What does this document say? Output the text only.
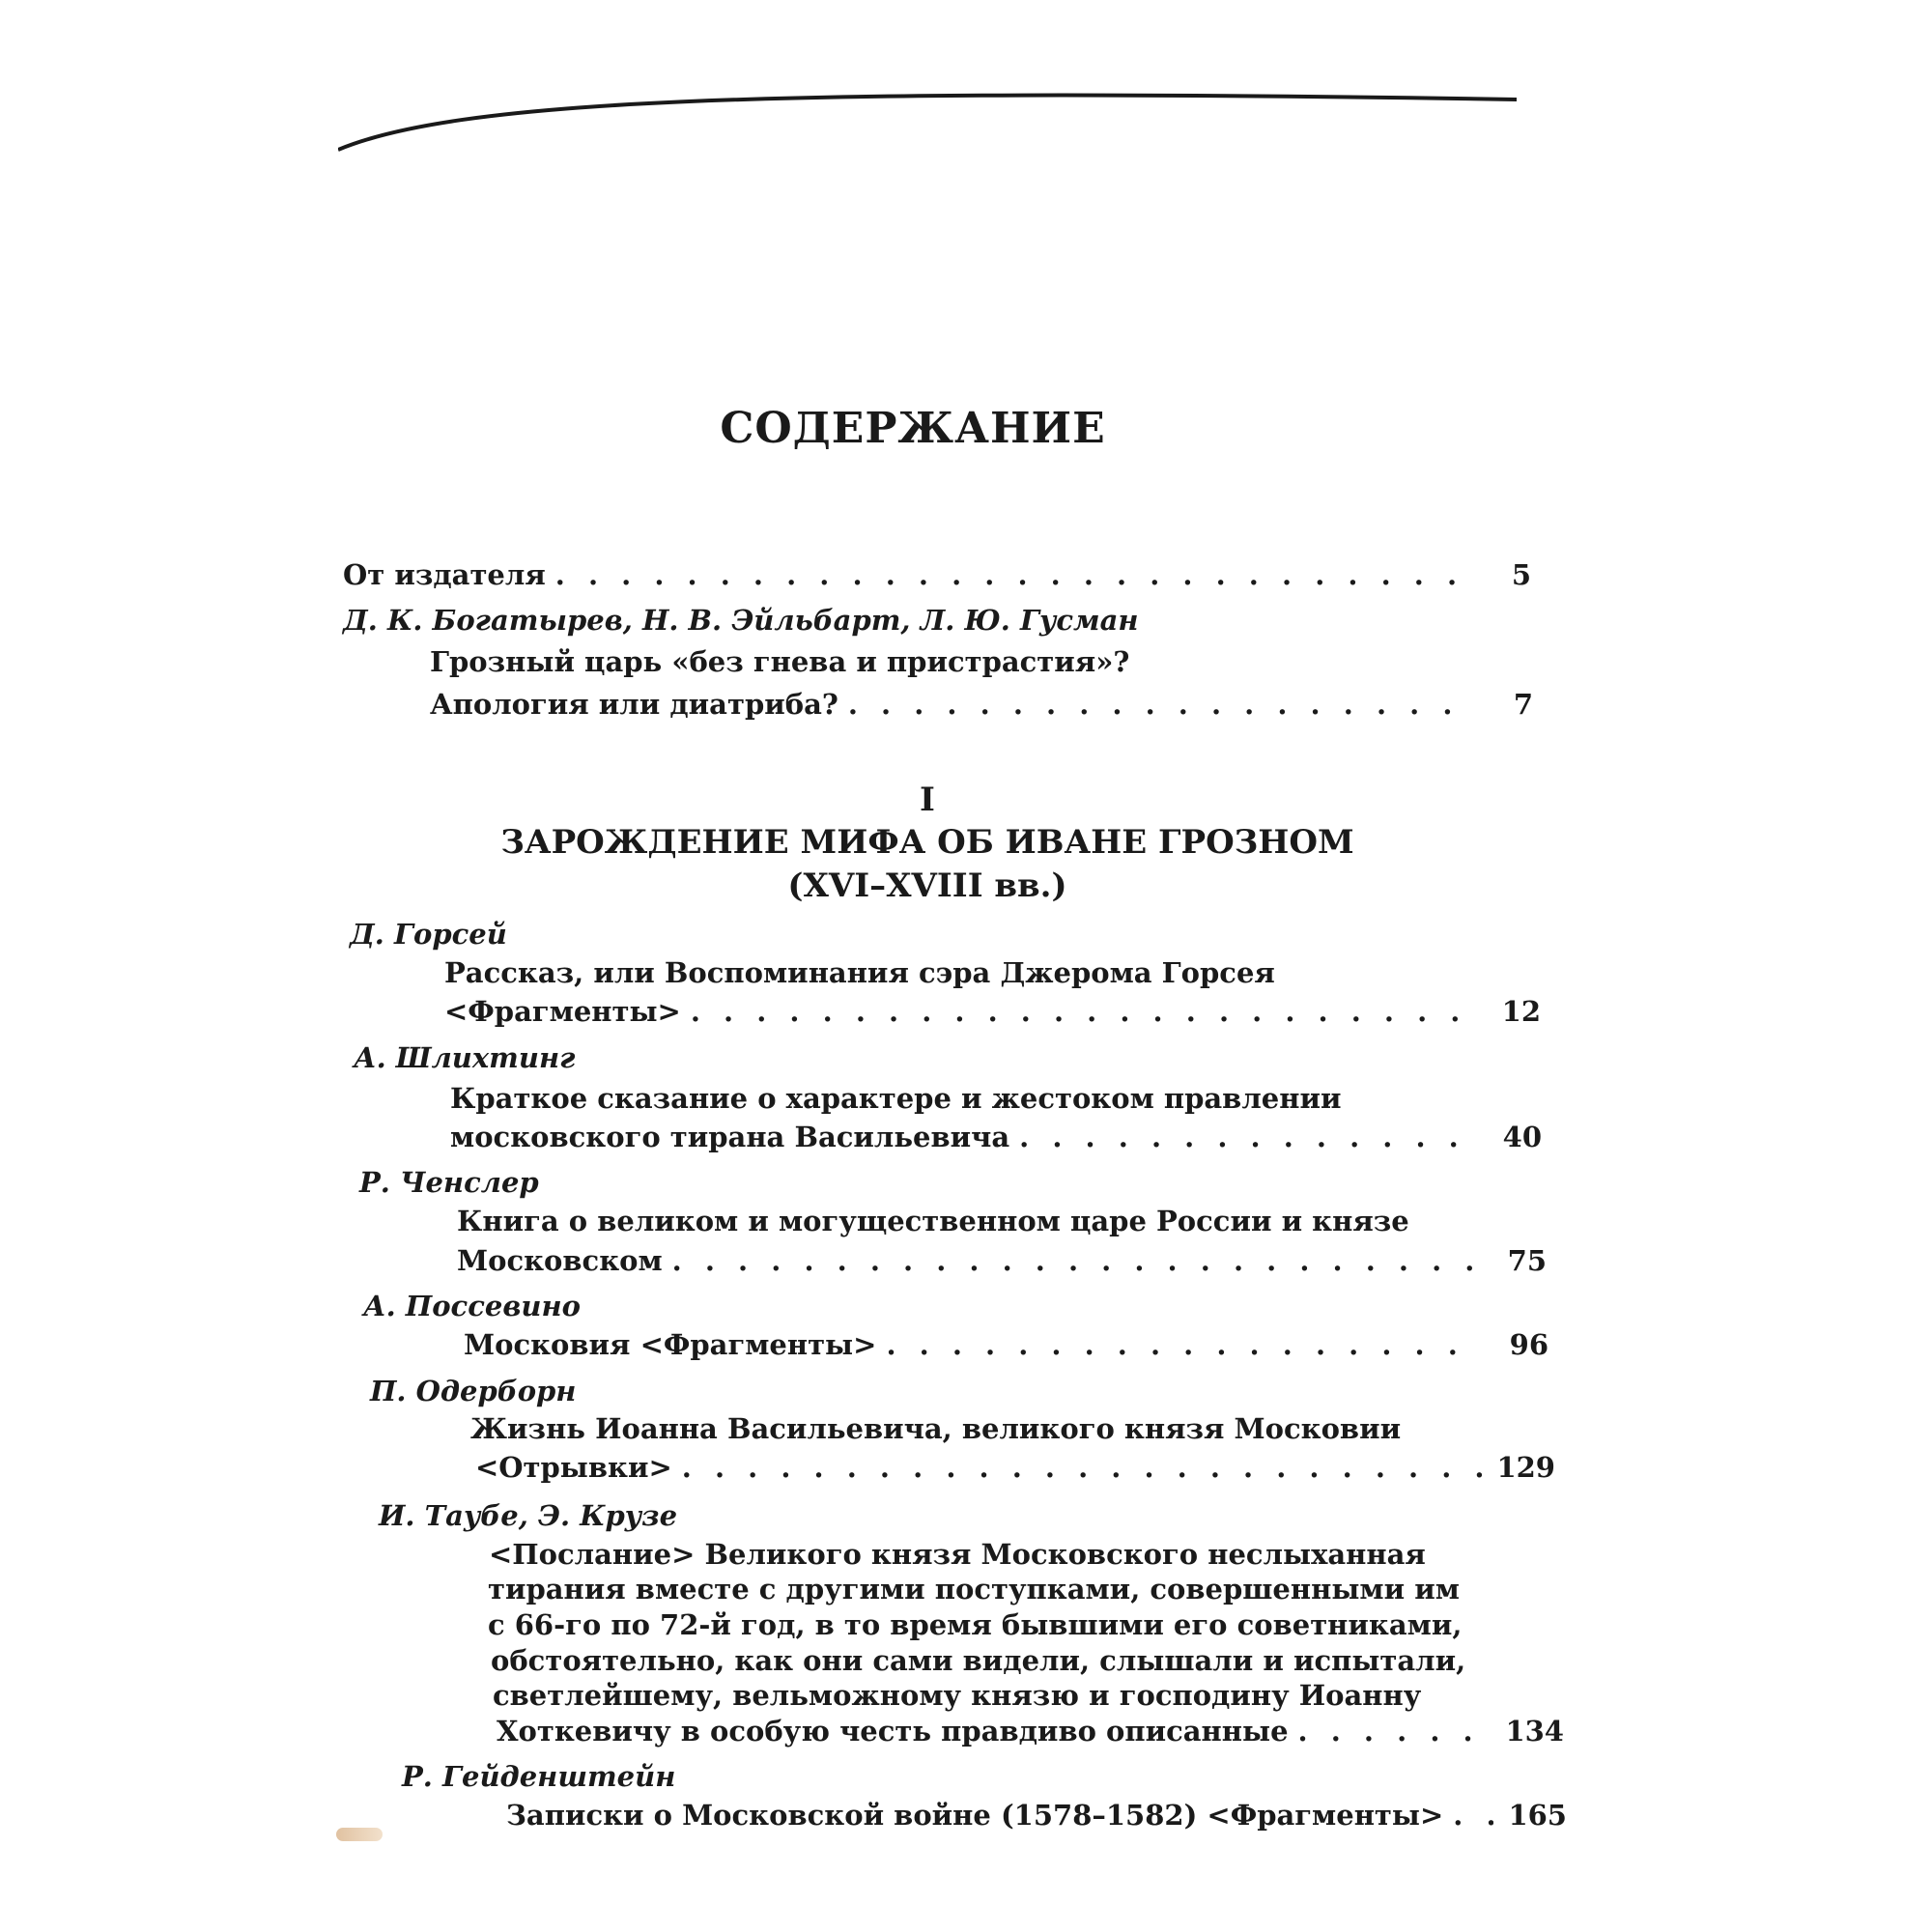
СОДЕРЖАНИЕ
От издателя . . .	5
Д. К. Богатырев, Н. В. Эйльбарт, Л. Ю. Гусман
Грозный царь «без гнева и пристрастия»?
Апология или диатриба? . . .	7
I
ЗАРОЖДЕНИЕ МИФА ОБ ИВАНЕ ГРОЗНОМ
(XVI–XVIII вв.)
Д. Горсей
Рассказ, или Воспоминания сэра Джерома Горсея
<Фрагменты> . . .	12
А. Шлихтинг
Краткое сказание о характере и жестоком правлении
московского тирана Васильевича . . .	40
Р. Ченслер
Книга о великом и могущественном царе России и князе
Московском . . .	75
А. Поссевино
Московия <Фрагменты> . . .	96
П. Одерборн
Жизнь Иоанна Васильевича, великого князя Московии
<Отрывки> . . .	129
И. Таубе, Э. Крузе
<Послание> Великого князя Московского неслыханная
тирания вместе с другими поступками, совершенными им
с 66-го по 72-й год, в то время бывшими его советниками,
обстоятельно, как они сами видели, слышали и испытали,
светлейшему, вельможному князю и господину Иоанну
Хоткевичу в особую честь правдиво описанные . . .	134
Р. Гейденштейн
Записки о Московской войне (1578–1582) <Фрагменты> . . .	165
